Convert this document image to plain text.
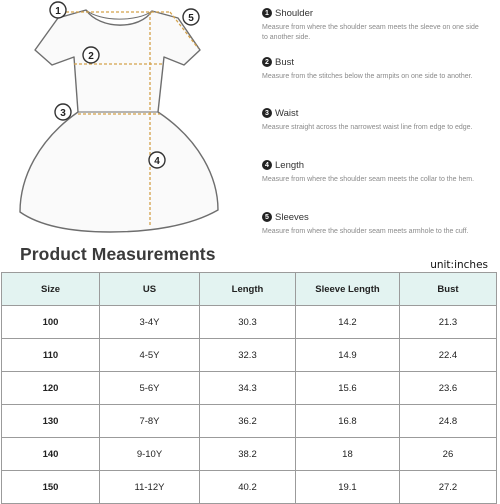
1
2
3
4
5	1 Shoulder
Measure from where the shoulder seam meets the sleeve on one side to another side.
2 Bust
Measure from the stitches below the armpits on one side to another.
3 Waist
Measure straight across the narrowest waist line from edge to edge.
4 Length
Measure from where the shoulder seam meets the collar to the hem.
5 Sleeves
Measure from where the shoulder seam meets armhole to the cuff.
Product Measurements
unit:inches
Size	US	Length	Sleeve Length	Bust
100	3-4Y	30.3	14.2	21.3
110	4-5Y	32.3	14.9	22.4
120	5-6Y	34.3	15.6	23.6
130	7-8Y	36.2	16.8	24.8
140	9-10Y	38.2	18	26
150	11-12Y	40.2	19.1	27.2
